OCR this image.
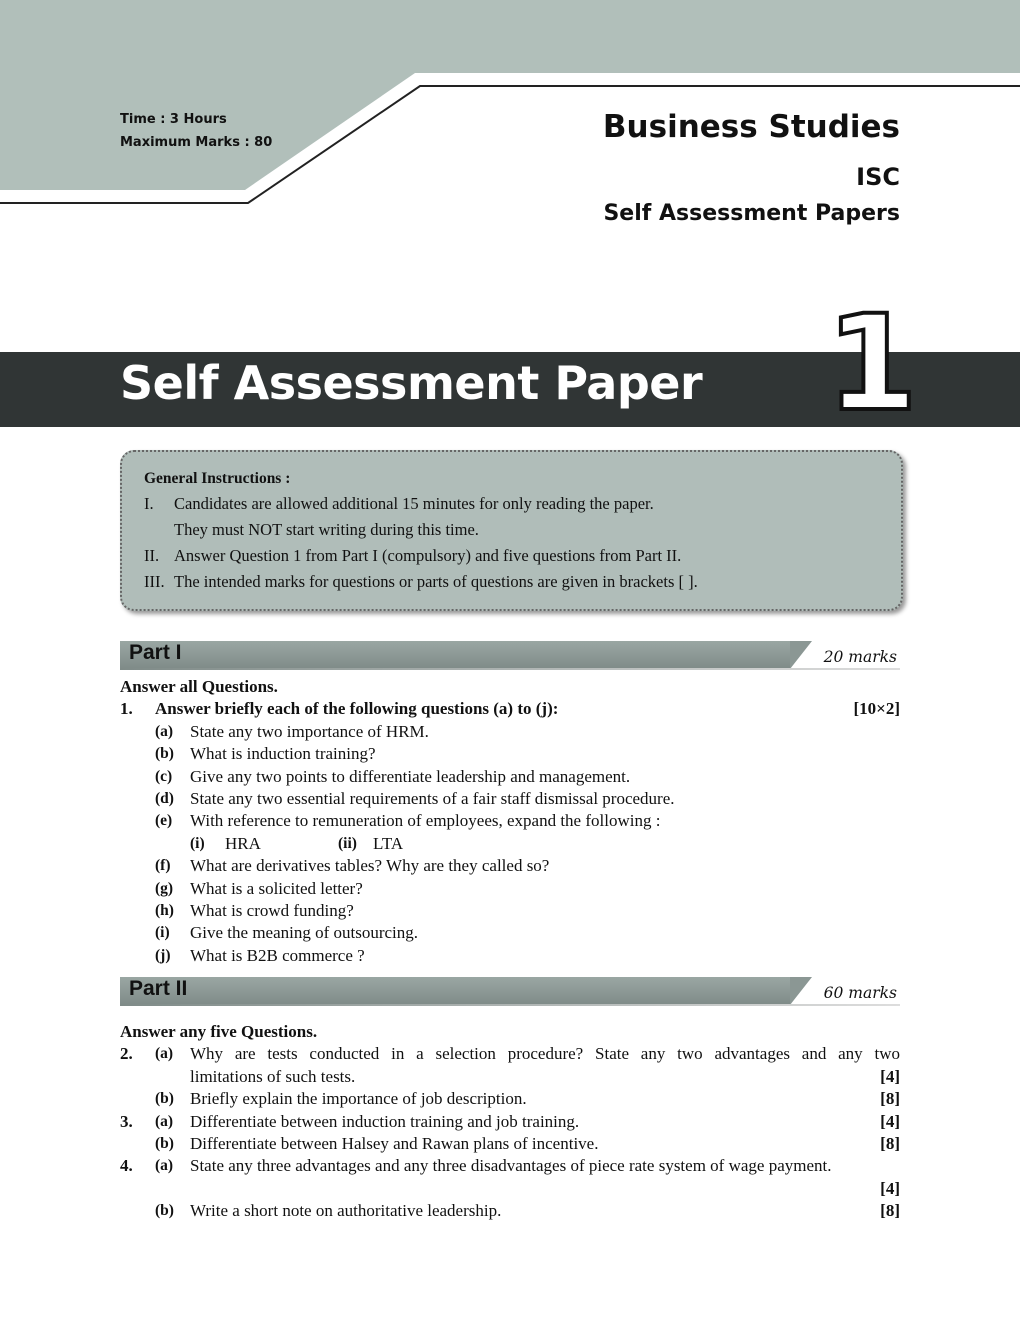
Time : 3 Hours
Maximum Marks : 80	Business Studies
ISC
Self Assessment Papers
Self Assessment Paper 1
General Instructions :
I.	Candidates are allowed additional 15 minutes for only reading the paper.
They must NOT start writing during this time.
II. Answer Question 1 from Part I (compulsory) and five questions from Part II.
III. The intended marks for questions or parts of questions are given in brackets [ ].
Part I	20 marks
Answer all Questions.
1.	Answer briefly each of the following questions (a) to (j):	[10×2]
(a) State any two importance of HRM.
(b) What is induction training?
(c)	Give any two points to differentiate leadership and management.
(d) State any two essential requirements of a fair staff dismissal procedure.
(e)	With reference to remuneration of employees, expand the following :
(i)	HRA	(ii) LTA
(f)	What are derivatives tables? Why are they called so?
(g) What is a solicited letter?
(h) What is crowd funding?
(i)	Give the meaning of outsourcing.
(j)	What is B2B commerce ?
Part II	60 marks
Answer any five Questions.
2.	(a) Why are tests conducted in a selection procedure? State any two advantages and any two
limitations of such tests.	[4]
(b) Briefly explain the importance of job description.	[8]
3.	(a) Differentiate between induction training and job training.	[4]
(b) Differentiate between Halsey and Rawan plans of incentive.	[8]
4.	(a) State any three advantages and any three disadvantages of piece rate system of wage payment.
[4]
(b) Write a short note on authoritative leadership.	[8]
